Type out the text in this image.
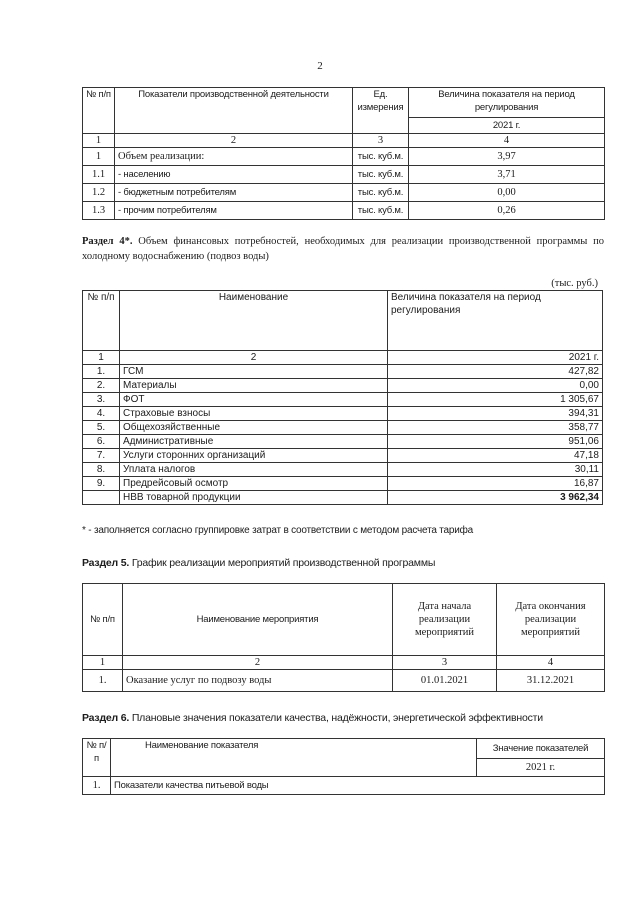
2
№ п/п	Показатели производственной деятельности	Ед. измерения	Величина показателя на период регулирования
			2021 г.
1	2	3	4
1	Объем реализации:	тыс. куб.м.	3,97
1.1	- населению	тыс. куб.м.	3,71
1.2	- бюджетным потребителям	тыс. куб.м.	0,00
1.3	- прочим потребителям	тыс. куб.м.	0,26
Раздел 4*. Объем финансовых потребностей, необходимых для реализации производственной программы по холодному водоснабжению (подвоз воды)
(тыс. руб.)
№ п/п	Наименование	Величина показателя на период регулирования
1	2	2021 г.
1.	ГСМ	427,82
2.	Материалы	0,00
3.	ФОТ	1 305,67
4.	Страховые взносы	394,31
5.	Общехозяйственные	358,77
6.	Административные	951,06
7.	Услуги сторонних организаций	47,18
8.	Уплата налогов	30,11
9.	Предрейсовый осмотр	16,87
	НВВ товарной продукции	3 962,34
* - заполняется согласно группировке затрат в соответствии с методом расчета тарифа
Раздел 5. График реализации мероприятий производственной программы
№ п/п	Наименование мероприятия	Дата начала реализации мероприятий	Дата окончания реализации мероприятий
1	2	3	4
1.	Оказание услуг по подвозу воды	01.01.2021	31.12.2021
Раздел 6. Плановые значения показатели качества, надёжности, энергетической эффективности
№ п/п	Наименование показателя	Значение показателей
		2021 г.
1.	Показатели качества питьевой воды	
